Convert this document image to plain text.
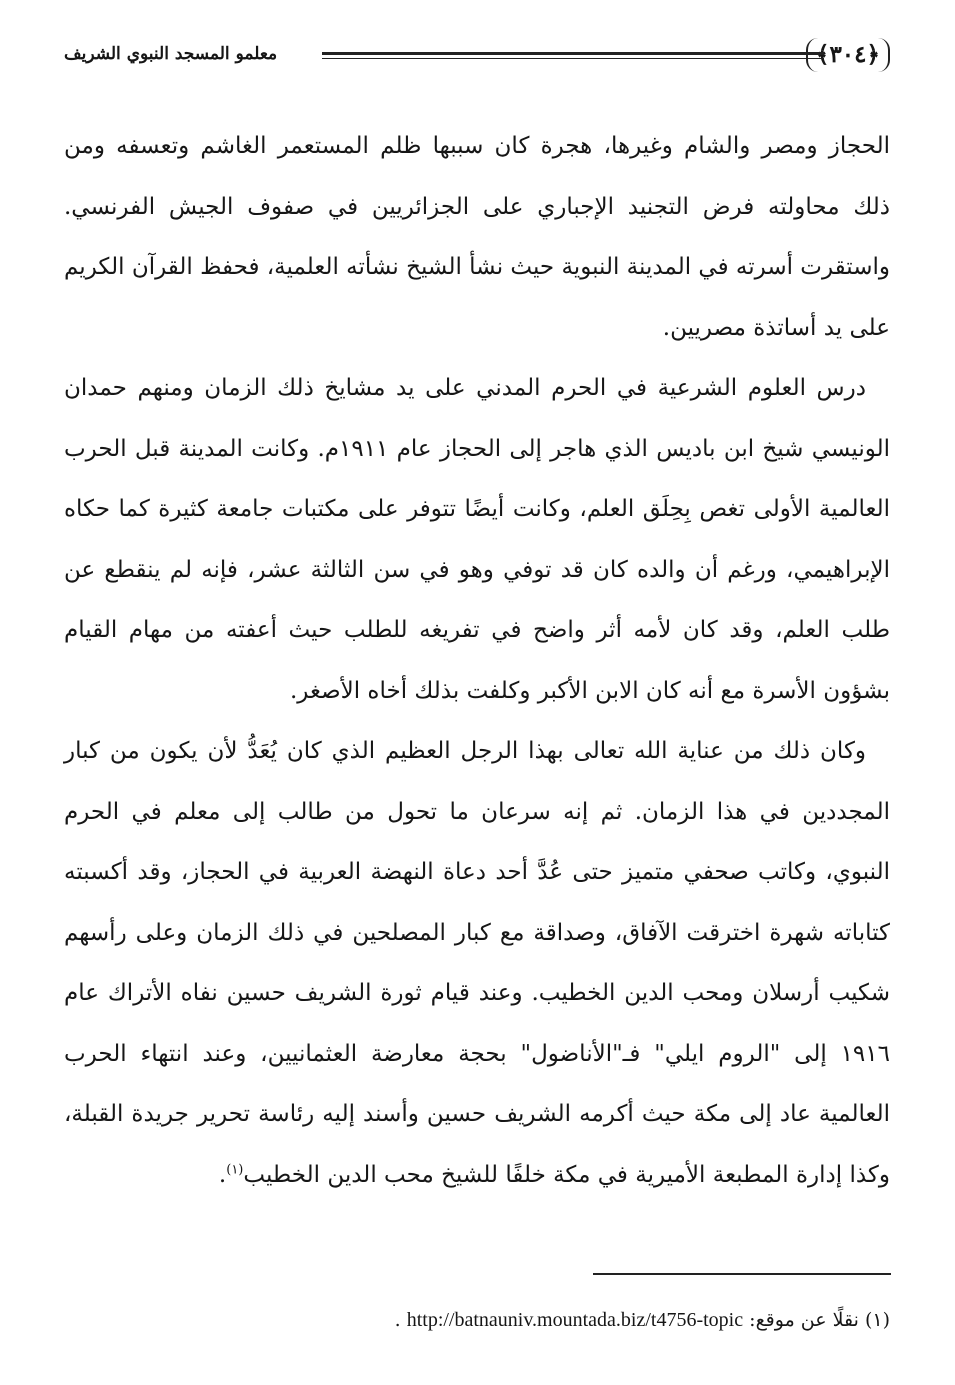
﴿٣٠٤﴾
معلمو المسجد النبوي الشريف

الحجاز ومصر والشام وغيرها، هجرة كان سببها ظلم المستعمر الغاشم وتعسفه ومن ذلك محاولته فرض التجنيد الإجباري على الجزائريين في صفوف الجيش الفرنسي. واستقرت أسرته في المدينة النبوية حيث نشأ الشيخ نشأته العلمية، فحفظ القرآن الكريم على يد أساتذة مصريين.

درس العلوم الشرعية في الحرم المدني على يد مشايخ ذلك الزمان ومنهم حمدان الونيسي شيخ ابن باديس الذي هاجر إلى الحجاز عام ١٩١١م. وكانت المدينة قبل الحرب العالمية الأولى تغص بِحِلَق العلم، وكانت أيضًا تتوفر على مكتبات جامعة كثيرة كما حكاه الإبراهيمي، ورغم أن والده كان قد توفي وهو في سن الثالثة عشر، فإنه لم ينقطع عن طلب العلم، وقد كان لأمه أثر واضح في تفريغه للطلب حيث أعفته من مهام القيام بشؤون الأسرة مع أنه كان الابن الأكبر وكلفت بذلك أخاه الأصغر.

وكان ذلك من عناية الله تعالى بهذا الرجل العظيم الذي كان يُعَدُّ لأن يكون من كبار المجددين في هذا الزمان. ثم إنه سرعان ما تحول من طالب إلى معلم في الحرم النبوي، وكاتب صحفي متميز حتى عُدَّ أحد دعاة النهضة العربية في الحجاز، وقد أكسبته كتاباته شهرة اخترقت الآفاق، وصداقة مع كبار المصلحين في ذلك الزمان وعلى رأسهم شكيب أرسلان ومحب الدين الخطيب. وعند قيام ثورة الشريف حسين نفاه الأتراك عام ١٩١٦ إلى "الروم ايلي" فـ"الأناضول" بحجة معارضة العثمانيين، وعند انتهاء الحرب العالمية عاد إلى مكة حيث أكرمه الشريف حسين وأسند إليه رئاسة تحرير جريدة القبلة، وكذا إدارة المطبعة الأميرية في مكة خلفًا للشيخ محب الدين الخطيب$^{(١)}$.

(١) نقلًا عن موقع: http://batnauniv.mountada.biz/t4756-topic .
